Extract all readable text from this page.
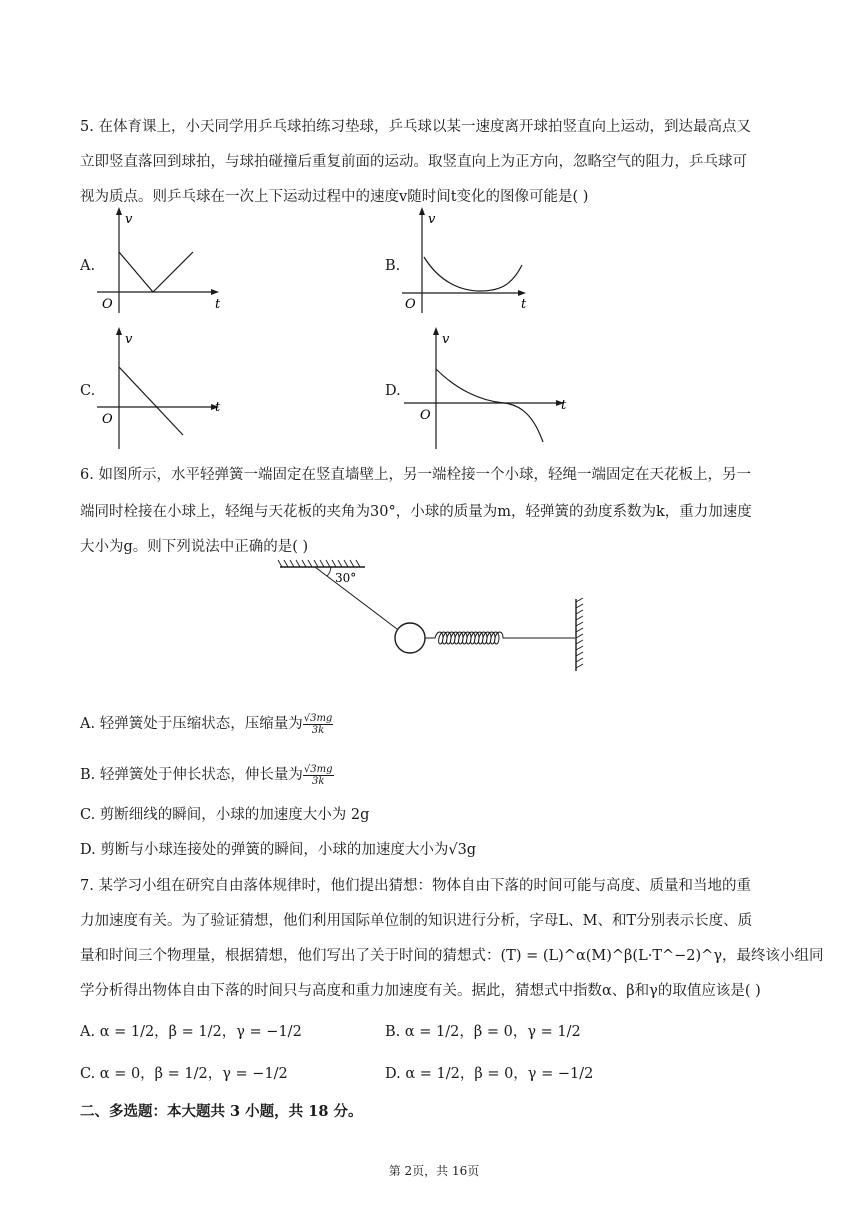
5. 在体育课上，小天同学用乒乓球拍练习垫球，乒乓球以某一速度离开球拍竖直向上运动，到达最高点又
立即竖直落回到球拍，与球拍碰撞后重复前面的运动。取竖直向上为正方向，忽略空气的阻力，乒乓球可
视为质点。则乒乓球在一次上下运动过程中的速度v随时间t变化的图像可能是( )
A.	B.
C.	D.
v
t
O
v
t
O
v
t
O
v
t
O
6. 如图所示，水平轻弹簧一端固定在竖直墙壁上，另一端栓接一个小球，轻绳一端固定在天花板上，另一
端同时栓接在小球上，轻绳与天花板的夹角为30°，小球的质量为m，轻弹簧的劲度系数为k，重力加速度
大小为g。则下列说法中正确的是( )
30°
A. 轻弹簧处于压缩状态，压缩量为 $\frac{√3mg}{3k}$
B. 轻弹簧处于伸长状态，伸长量为 $\frac{√3mg}{3k}$
C. 剪断细线的瞬间，小球的加速度大小为 2g
D. 剪断与小球连接处的弹簧的瞬间，小球的加速度大小为√3g
7. 某学习小组在研究自由落体规律时，他们提出猜想：物体自由下落的时间可能与高度、质量和当地的重
力加速度有关。为了验证猜想，他们利用国际单位制的知识进行分析，字母L、M、和T分别表示长度、质
量和时间三个物理量，根据猜想，他们写出了关于时间的猜想式：(T) = (L)^α(M)^β(L·T^−2)^γ，最终该小组同
学分析得出物体自由下落的时间只与高度和重力加速度有关。据此，猜想式中指数α、β和γ的取值应该是( )
A. α = 1/2，β = 1/2，γ = −1/2	B. α = 1/2，β = 0，γ = 1/2
C. α = 0，β = 1/2，γ = −1/2	D. α = 1/2，β = 0，γ = −1/2
二、多选题：本大题共 3 小题，共 18 分。
第 2页，共 16页
